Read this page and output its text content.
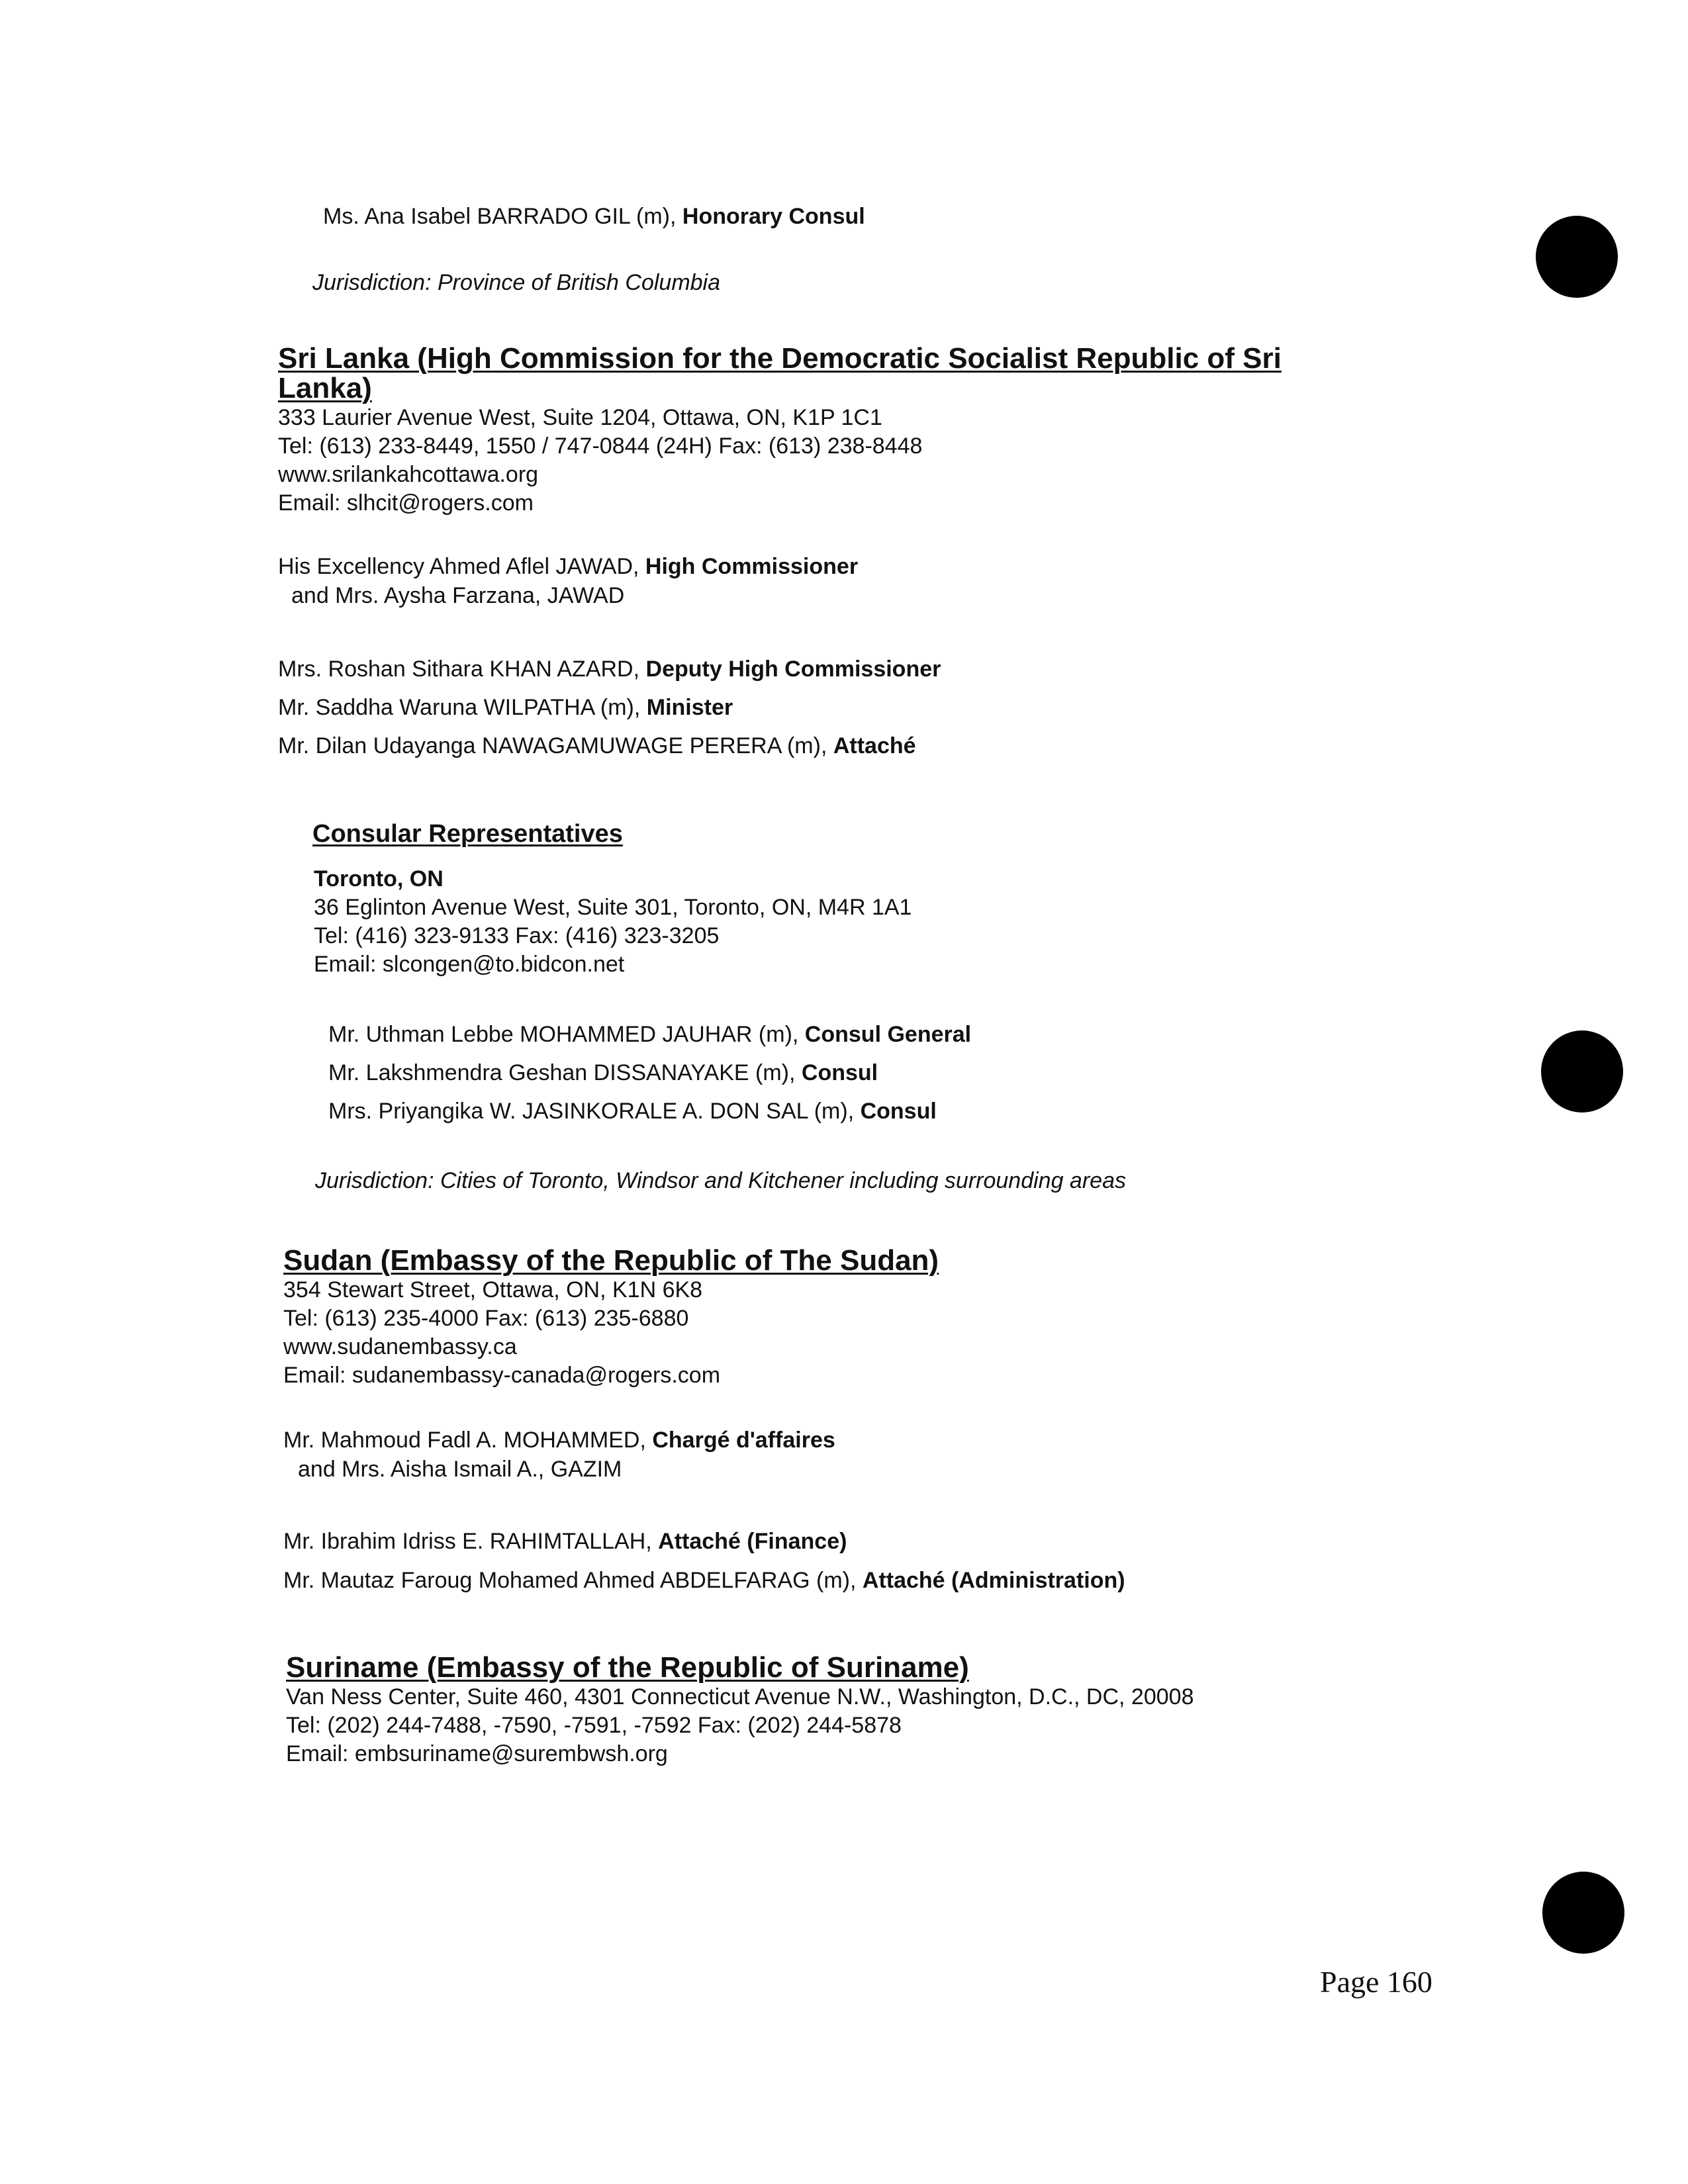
Ms. Ana Isabel BARRADO GIL (m), Honorary Consul
Jurisdiction: Province of British Columbia
Sri Lanka (High Commission for the Democratic Socialist Republic of Sri
Lanka)
333 Laurier Avenue West, Suite 1204, Ottawa, ON, K1P 1C1
Tel: (613) 233-8449, 1550 / 747-0844 (24H) Fax: (613) 238-8448
www.srilankahcottawa.org
Email: slhcit@rogers.com
His Excellency Ahmed Aflel JAWAD, High Commissioner
and Mrs. Aysha Farzana, JAWAD
Mrs. Roshan Sithara KHAN AZARD, Deputy High Commissioner
Mr. Saddha Waruna WILPATHA (m), Minister
Mr. Dilan Udayanga NAWAGAMUWAGE PERERA (m), Attaché
Consular Representatives
Toronto, ON
36 Eglinton Avenue West, Suite 301, Toronto, ON, M4R 1A1
Tel: (416) 323-9133 Fax: (416) 323-3205
Email: slcongen@to.bidcon.net
Mr. Uthman Lebbe MOHAMMED JAUHAR (m), Consul General
Mr. Lakshmendra Geshan DISSANAYAKE (m), Consul
Mrs. Priyangika W. JASINKORALE A. DON SAL (m), Consul
Jurisdiction: Cities of Toronto, Windsor and Kitchener including surrounding areas
Sudan (Embassy of the Republic of The Sudan)
354 Stewart Street, Ottawa, ON, K1N 6K8
Tel: (613) 235-4000 Fax: (613) 235-6880
www.sudanembassy.ca
Email: sudanembassy-canada@rogers.com
Mr. Mahmoud Fadl A. MOHAMMED, Chargé d'affaires
and Mrs. Aisha Ismail A., GAZIM
Mr. Ibrahim Idriss E. RAHIMTALLAH, Attaché (Finance)
Mr. Mautaz Faroug Mohamed Ahmed ABDELFARAG (m), Attaché (Administration)
Suriname (Embassy of the Republic of Suriname)
Van Ness Center, Suite 460, 4301 Connecticut Avenue N.W., Washington, D.C., DC, 20008
Tel: (202) 244-7488, -7590, -7591, -7592 Fax: (202) 244-5878
Email: embsuriname@surembwsh.org
Page 160
